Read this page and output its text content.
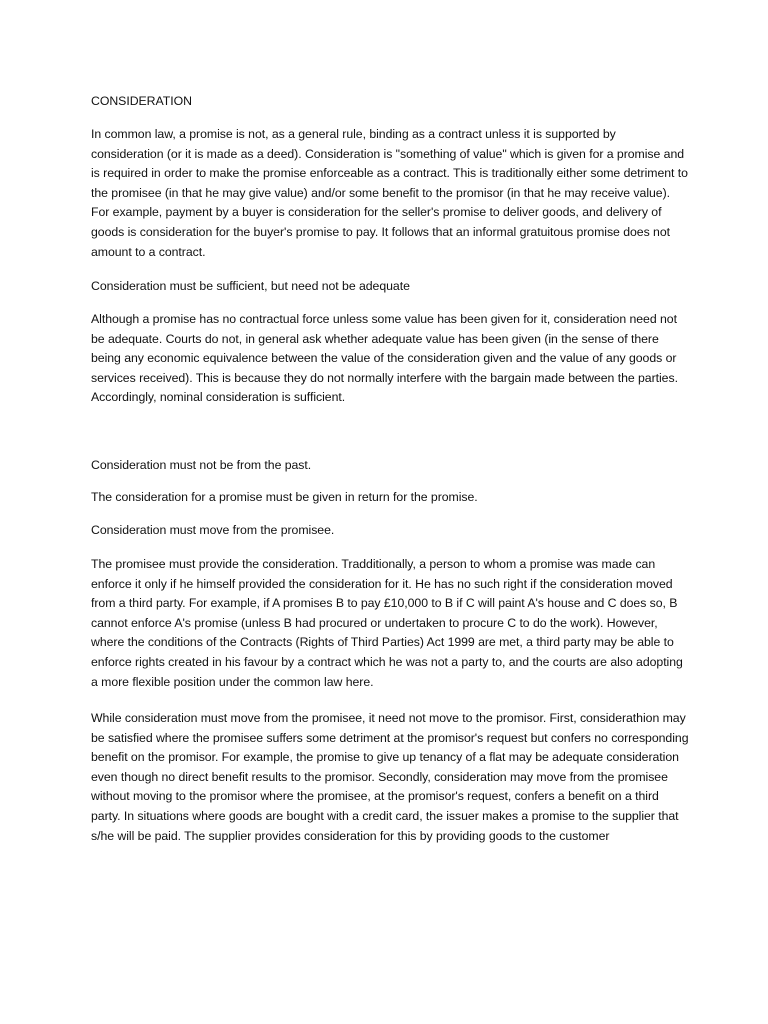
CONSIDERATION

In common law, a promise is not, as a general rule, binding as a contract unless it is supported by consideration (or it is made as a deed). Consideration is "something of value" which is given for a promise and is required in order to make the promise enforceable as a contract. This is traditionally either some detriment to the promisee (in that he may give value) and/or some benefit to the promisor (in that he may receive value). For example, payment by a buyer is consideration for the seller's promise to deliver goods, and delivery of goods is consideration for the buyer's promise to pay. It follows that an informal gratuitous promise does not amount to a contract.

Consideration must be sufficient, but need not be adequate

Although a promise has no contractual force unless some value has been given for it, consideration need not be adequate. Courts do not, in general ask whether adequate value has been given (in the sense of there being any economic equivalence between the value of the consideration given and the value of any goods or services received). This is because they do not normally interfere with the bargain made between the parties. Accordingly, nominal consideration is sufficient.

Consideration must not be from the past.

The consideration for a promise must be given in return for the promise.

Consideration must move from the promisee.

The promisee must provide the consideration. Tradditionally, a person to whom a promise was made can enforce it only if he himself provided the consideration for it. He has no such right if the consideration moved from a third party. For example, if A promises B to pay £10,000 to B if C will paint A's house and C does so, B cannot enforce A's promise (unless B had procured or undertaken to procure C to do the work). However, where the conditions of the Contracts (Rights of Third Parties) Act 1999 are met, a third party may be able to enforce rights created in his favour by a contract which he was not a party to, and the courts are also adopting a more flexible position under the common law here.

While consideration must move from the promisee, it need not move to the promisor. First, considerathion may be satisfied where the promisee suffers some detriment at the promisor's request but confers no corresponding benefit on the promisor. For example, the promise to give up tenancy of a flat may be adequate consideration even though no direct benefit results to the promisor. Secondly, consideration may move from the promisee without moving to the promisor where the promisee, at the promisor's request, confers a benefit on a third party. In situations where goods are bought with a credit card, the issuer makes a promise to the supplier that s/he will be paid. The supplier provides consideration for this by providing goods to the customer
